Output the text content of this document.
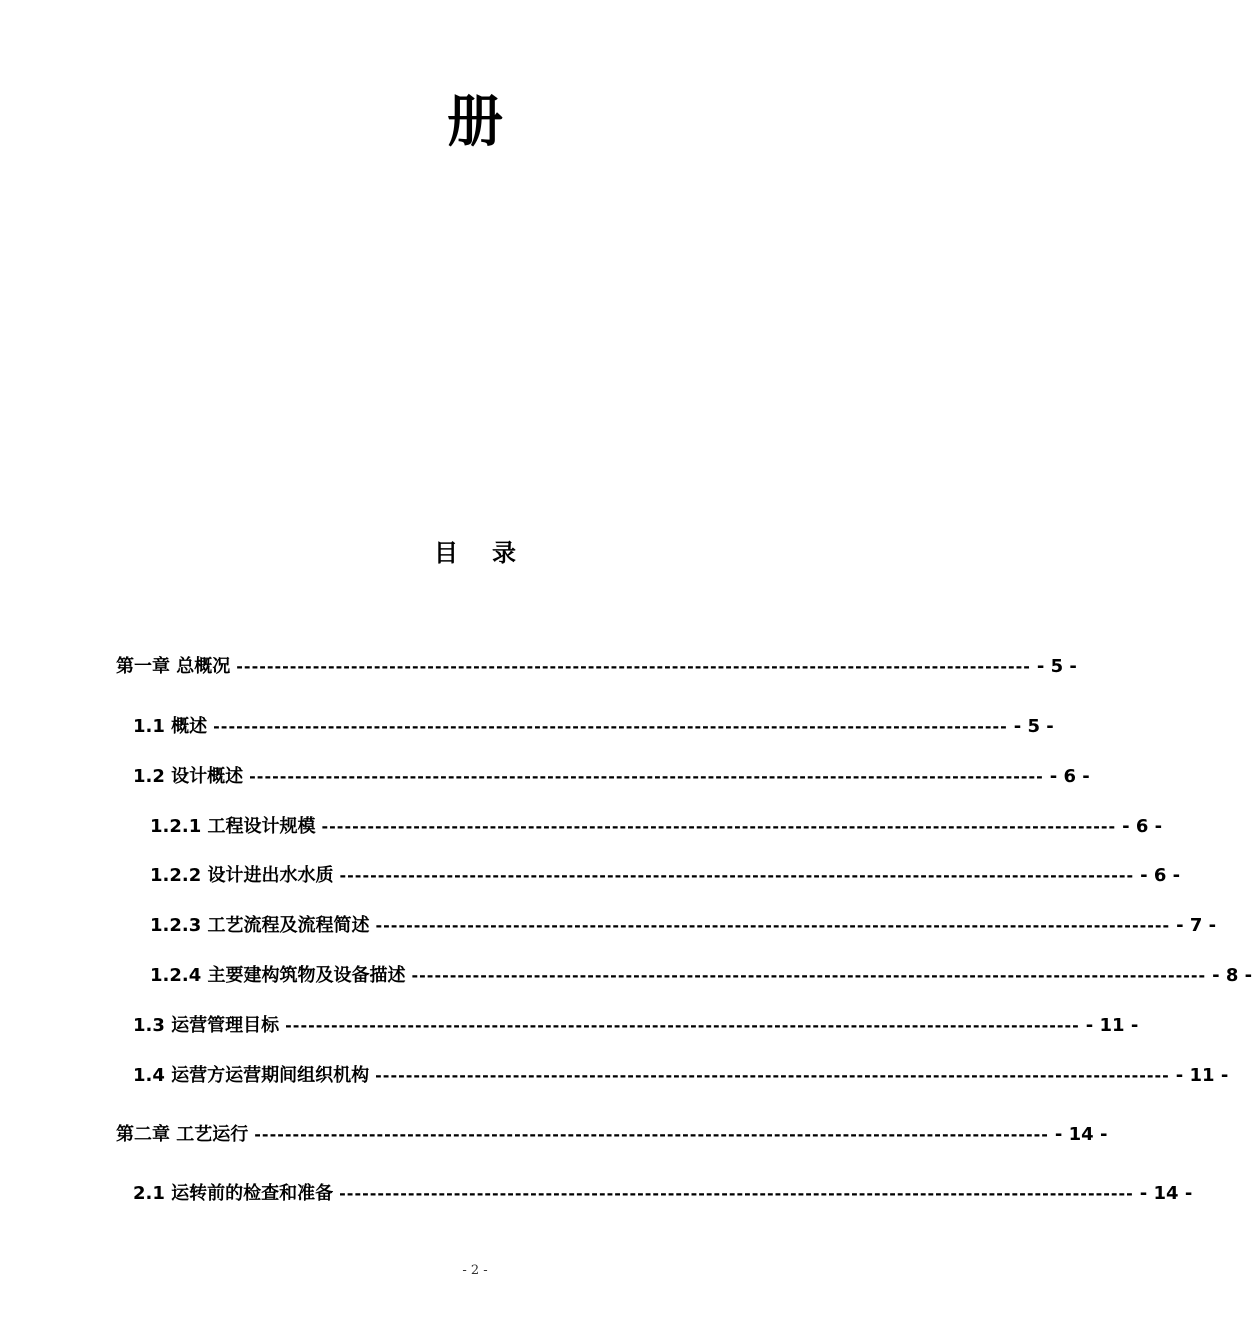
册
目录
第一章 总概况 -------------------------------------------------------------------------------------------------------- - 5 -
1.1 概述 -------------------------------------------------------------------------------------------------------- - 5 -
1.2 设计概述 -------------------------------------------------------------------------------------------------------- - 6 -
1.2.1 工程设计规模 -------------------------------------------------------------------------------------------------------- - 6 -
1.2.2 设计进出水水质 -------------------------------------------------------------------------------------------------------- - 6 -
1.2.3 工艺流程及流程简述 -------------------------------------------------------------------------------------------------------- - 7 -
1.2.4 主要建构筑物及设备描述 -------------------------------------------------------------------------------------------------------- - 8 -
1.3 运营管理目标 -------------------------------------------------------------------------------------------------------- - 11 -
1.4 运营方运营期间组织机构 -------------------------------------------------------------------------------------------------------- - 11 -
第二章 工艺运行 -------------------------------------------------------------------------------------------------------- - 14 -
2.1 运转前的检查和准备 -------------------------------------------------------------------------------------------------------- - 14 -
- 2 -
